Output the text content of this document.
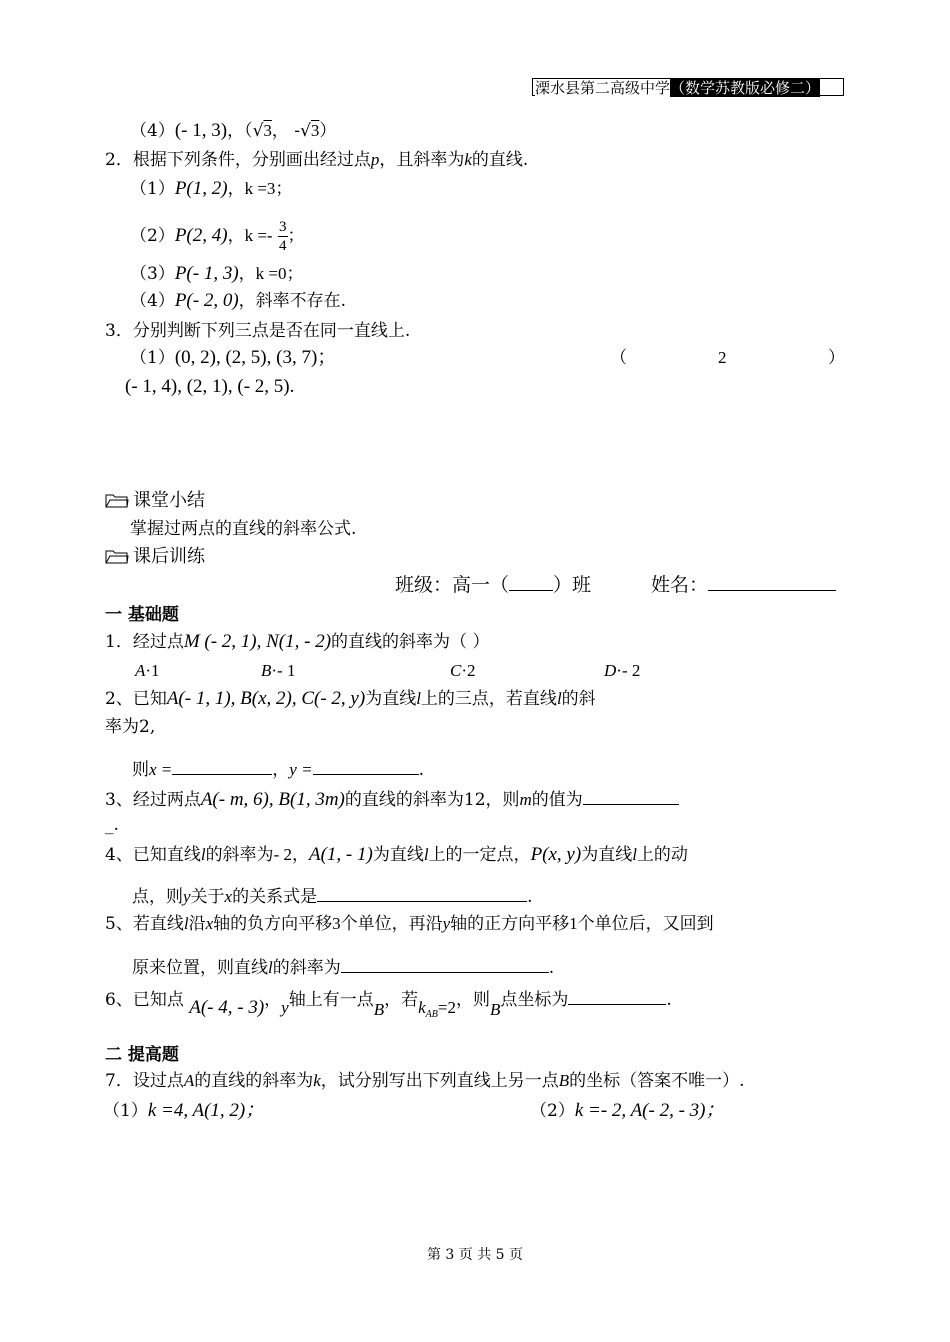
溧水县第二高级中学（数学苏教版必修二）
（4）(- 1, 3)，（√3， -√3）
2．根据下列条件，分别画出经过点p，且斜率为k的直线.
（1）P(1, 2)，k =3；
（2）P(2, 4)，$k =- \frac{3}{4}$ ；
（3）P(- 1, 3)，k =0；
（4）P(- 2, 0)，斜率不存在.
3．分别判断下列三点是否在同一直线上.
（1）(0, 2), (2, 5), (3, 7)；	（	2	）
(- 1, 4), (2, 1), (- 2, 5).
课堂小结
掌握过两点的直线的斜率公式.
课后训练
班级：高一（ ）班	姓名：
一 基础题
1．经过点M (- 2, 1), N(1, - 2)的直线的斜率为（ ）
A·1	B·- 1	C·2	D·- 2
2、已知A(- 1, 1), B(x, 2), C(- 2, y)为直线l上的三点，若直线l的斜
率为2,
则x =	，y =	.
3、经过两点A(- m, 6), B(1, 3m)的直线的斜率为12，则m的值为
_.
4、已知直线l的斜率为- 2，A(1, - 1)为直线l上的一定点，P(x, y)为直线l上的动
点，则y关于x的关系式是	.
5、若直线l沿x轴的负方向平移3个单位，再沿y轴的正方向平移1个单位后，又回到
原来位置，则直线l的斜率为	.
6、已知点 A(- 4, - 3)，y轴上有一点B，若$k_{AB}=2$，则B点坐标为	.
二 提高题
7．设过点A的直线的斜率为k，试分别写出下列直线上另一点B的坐标（答案不唯一）.
（1）k =4, A(1, 2)；	（2）k =- 2, A(- 2, - 3)；
第 3 页 共 5 页
